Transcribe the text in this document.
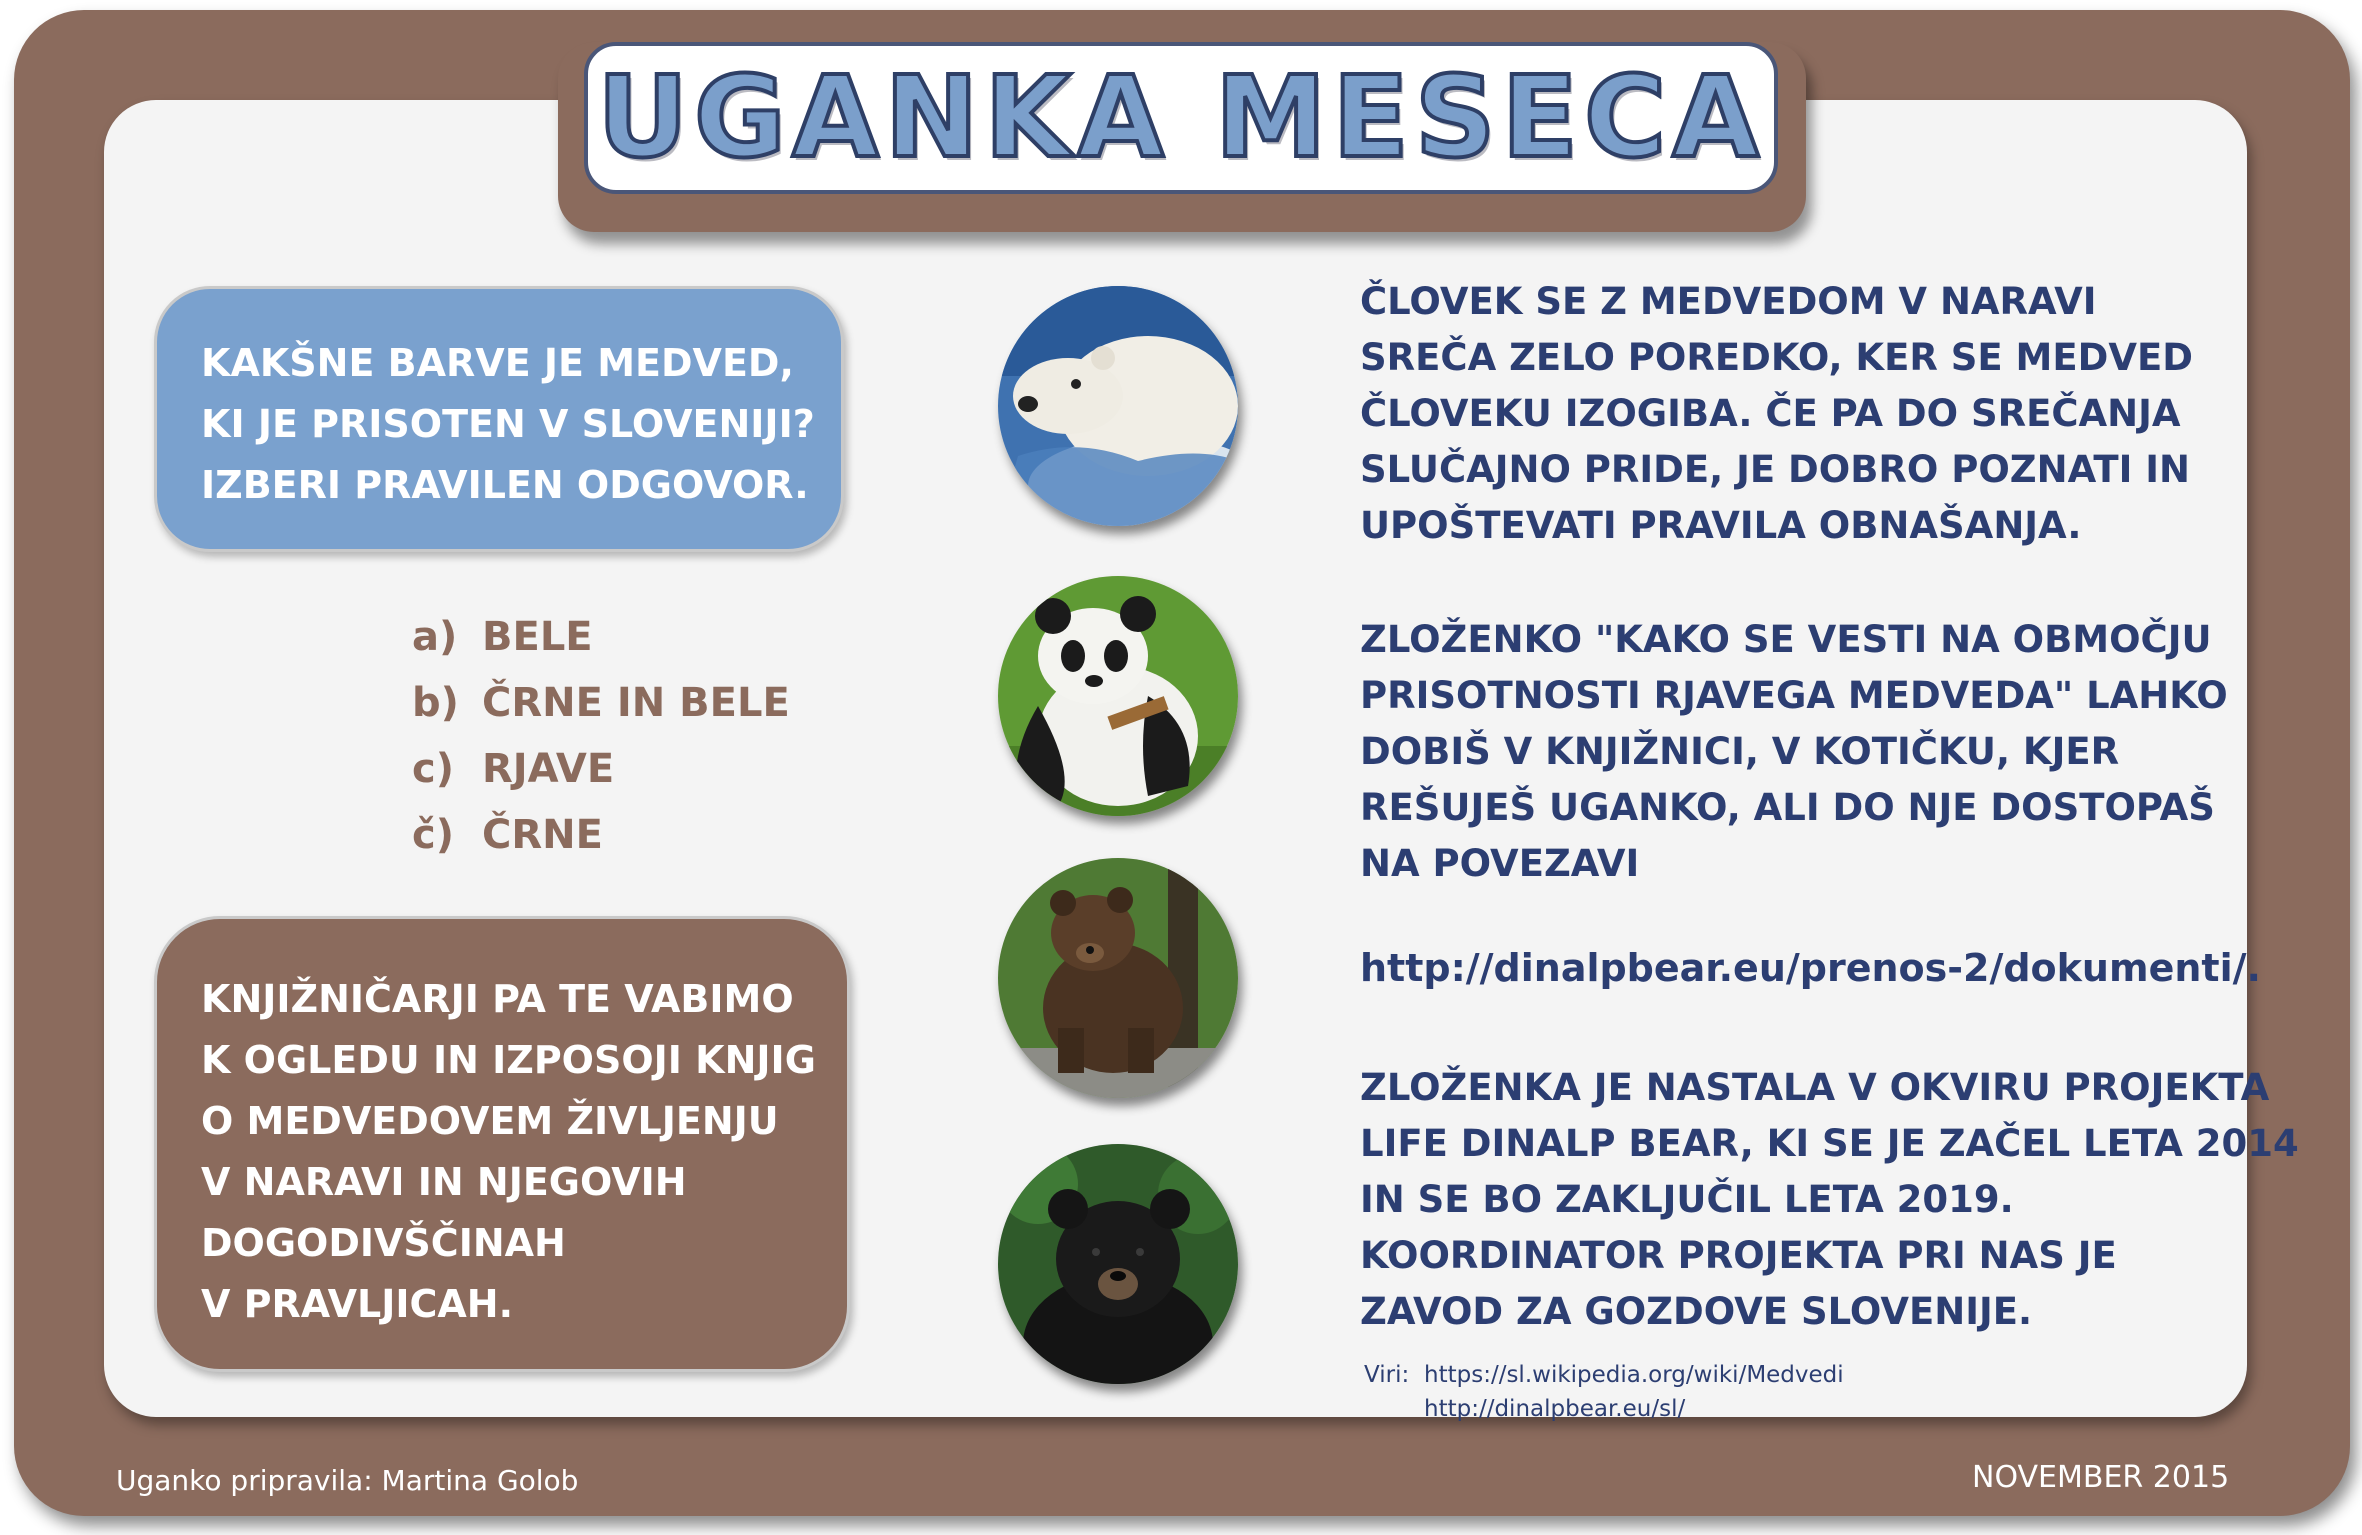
UGANKA MESECA
KAKŠNE BARVE JE MEDVED,
KI JE PRISOTEN V SLOVENIJI?
IZBERI PRAVILEN ODGOVOR.
a) BELE
b) ČRNE IN BELE
c) RJAVE
č) ČRNE
KNJIŽNIČARJI PA TE VABIMO
K OGLEDU IN IZPOSOJI KNJIG
O MEDVEDOVEM ŽIVLJENJU
V NARAVI IN NJEGOVIH
DOGODIVŠČINAH
V PRAVLJICAH.
ČLOVEK SE Z MEDVEDOM V NARAVI
SREČA ZELO POREDKO, KER SE MEDVED
ČLOVEKU IZOGIBA. ČE PA DO SREČANJA
SLUČAJNO PRIDE, JE DOBRO POZNATI IN
UPOŠTEVATI PRAVILA OBNAŠANJA.
ZLOŽENKO "KAKO SE VESTI NA OBMOČJU
PRISOTNOSTI RJAVEGA MEDVEDA" LAHKO
DOBIŠ V KNJIŽNICI, V KOTIČKU, KJER
REŠUJEŠ UGANKO, ALI DO NJE DOSTOPAŠ
NA POVEZAVI
http://dinalpbear.eu/prenos-2/dokumenti/.
ZLOŽENKA JE NASTALA V OKVIRU PROJEKTA
LIFE DINALP BEAR, KI SE JE ZAČEL LETA 2014
IN SE BO ZAKLJUČIL LETA 2019.
KOORDINATOR PROJEKTA PRI NAS JE
ZAVOD ZA GOZDOVE SLOVENIJE.
Viri: https://sl.wikipedia.org/wiki/Medvedi
http://dinalpbear.eu/sl/
Uganko pripravila: Martina Golob	NOVEMBER 2015
